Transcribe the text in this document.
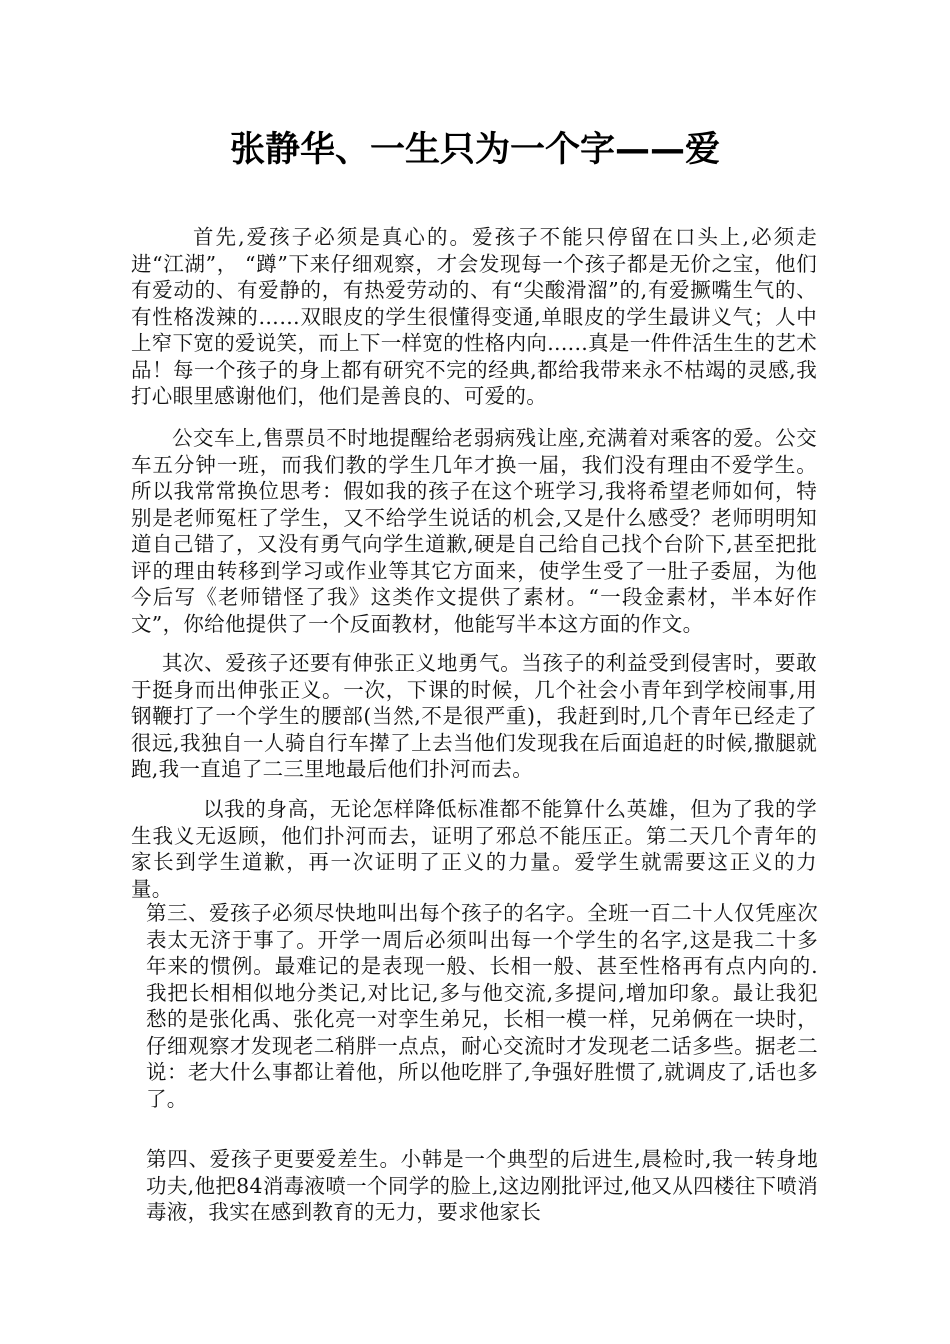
张静华、一生只为一个字——爱

首先,爱孩子必须是真心的。爱孩子不能只停留在口头上,必须走进“江湖”， “蹲”下来仔细观察，才会发现每一个孩子都是无价之宝，他们有爱动的、有爱静的，有热爱劳动的、有“尖酸滑溜”的,有爱撅嘴生气的、有性格泼辣的……双眼皮的学生很懂得变通,单眼皮的学生最讲义气；人中上窄下宽的爱说笑，而上下一样宽的性格内向......真是一件件活生生的艺术品！每一个孩子的身上都有研究不完的经典,都给我带来永不枯竭的灵感,我打心眼里感谢他们，他们是善良的、可爱的。

公交车上,售票员不时地提醒给老弱病残让座,充满着对乘客的爱。公交车五分钟一班，而我们教的学生几年才换一届，我们没有理由不爱学生。所以我常常换位思考：假如我的孩子在这个班学习,我将希望老师如何，特别是老师冤枉了学生，又不给学生说话的机会,又是什么感受？老师明明知道自己错了，又没有勇气向学生道歉,硬是自己给自己找个台阶下,甚至把批评的理由转移到学习或作业等其它方面来，使学生受了一肚子委屈，为他今后写《老师错怪了我》这类作文提供了素材。“一段金素材，半本好作文”，你给他提供了一个反面教材，他能写半本这方面的作文。

其次、爱孩子还要有伸张正义地勇气。当孩子的利益受到侵害时，要敢于挺身而出伸张正义。一次，下课的时候，几个社会小青年到学校闹事,用钢鞭打了一个学生的腰部(当然,不是很严重)，我赶到时,几个青年已经走了很远,我独自一人骑自行车撵了上去当他们发现我在后面追赶的时候,撒腿就跑,我一直追了二三里地最后他们扑河而去。

以我的身高，无论怎样降低标准都不能算什么英雄，但为了我的学生我义无返顾，他们扑河而去，证明了邪总不能压正。第二天几个青年的家长到学生道歉，再一次证明了正义的力量。爱学生就需要这正义的力量。

第三、爱孩子必须尽快地叫出每个孩子的名字。全班一百二十人仅凭座次表太无济于事了。开学一周后必须叫出每一个学生的名字,这是我二十多年来的惯例。最难记的是表现一般、长相一般、甚至性格再有点内向的.我把长相相似地分类记,对比记,多与他交流,多提问,增加印象。最让我犯愁的是张化禹、张化亮一对孪生弟兄，长相一模一样，兄弟俩在一块时，仔细观察才发现老二稍胖一点点，耐心交流时才发现老二话多些。据老二说：老大什么事都让着他，所以他吃胖了,争强好胜惯了,就调皮了,话也多了。

第四、爱孩子更要爱差生。小韩是一个典型的后进生,晨检时,我一转身地功夫,他把84消毒液喷一个同学的脸上,这边刚批评过,他又从四楼往下喷消毒液，我实在感到教育的无力，要求他家长
